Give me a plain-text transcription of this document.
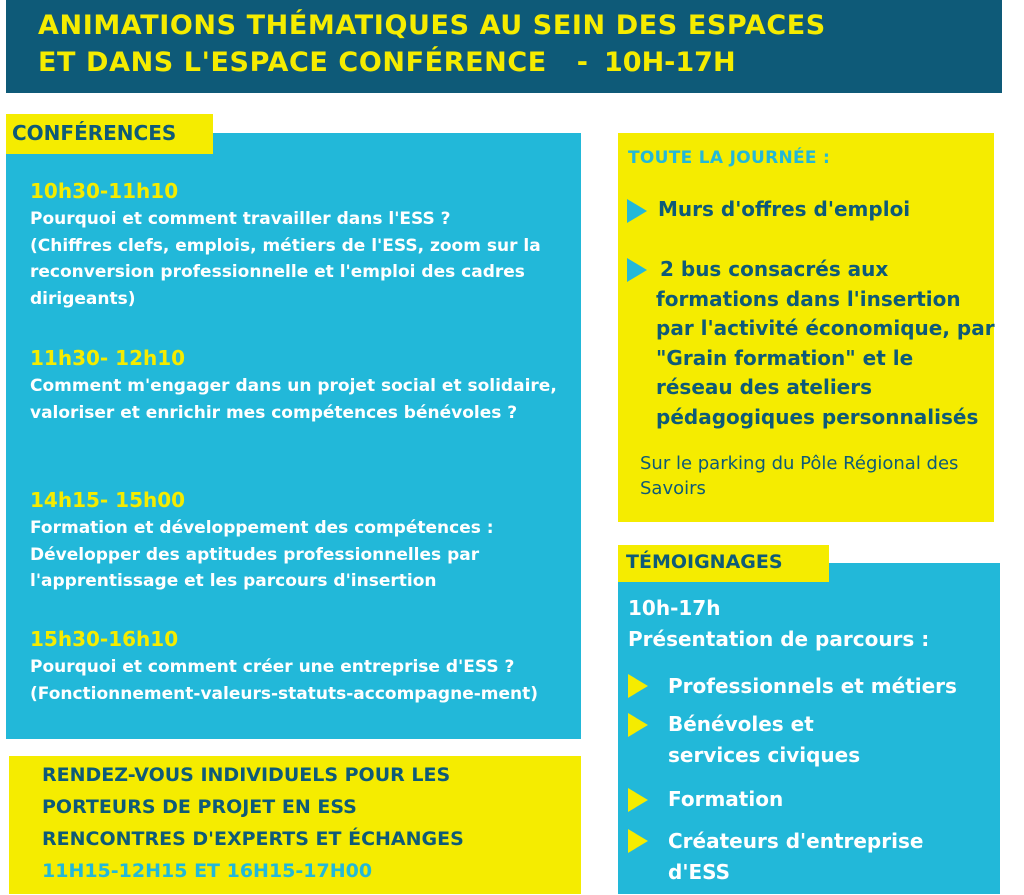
ANIMATIONS THÉMATIQUES AU SEIN DES ESPACES
ET DANS L'ESPACE CONFÉRENCE   - 10H-17H
10h30-11h10
Pourquoi et comment travailler dans l'ESS ?
(Chiffres clefs, emplois, métiers de l'ESS, zoom sur la reconversion professionnelle et l'emploi des cadres dirigeants)
11h30- 12h10
Comment m'engager dans un projet social et solidaire, valoriser et enrichir mes compétences bénévoles ?
14h15- 15h00
Formation et développement des compétences : Développer des aptitudes professionnelles par l'apprentissage et les parcours d'insertion
15h30-16h10
Pourquoi et comment créer une entreprise d'ESS ?
(Fonctionnement-valeurs-statuts-accompagne-ment)
CONFÉRENCES
RENDEZ-VOUS INDIVIDUELS POUR LES
PORTEURS DE PROJET EN ESS
RENCONTRES D'EXPERTS ET ÉCHANGES
11H15-12H15 ET 16H15-17H00
TOUTE LA JOURNÉE :
Murs d'offres d'emploi
2 bus consacrés aux formations dans l'insertion par l'activité économique, par "Grain formation" et le réseau des ateliers pédagogiques personnalisés
Sur le parking du Pôle Régional des Savoirs
10h-17h
Présentation de parcours :
Professionnels et métiers
Bénévoles et services civiques
Formation
Créateurs d'entreprise d'ESS
TÉMOIGNAGES
